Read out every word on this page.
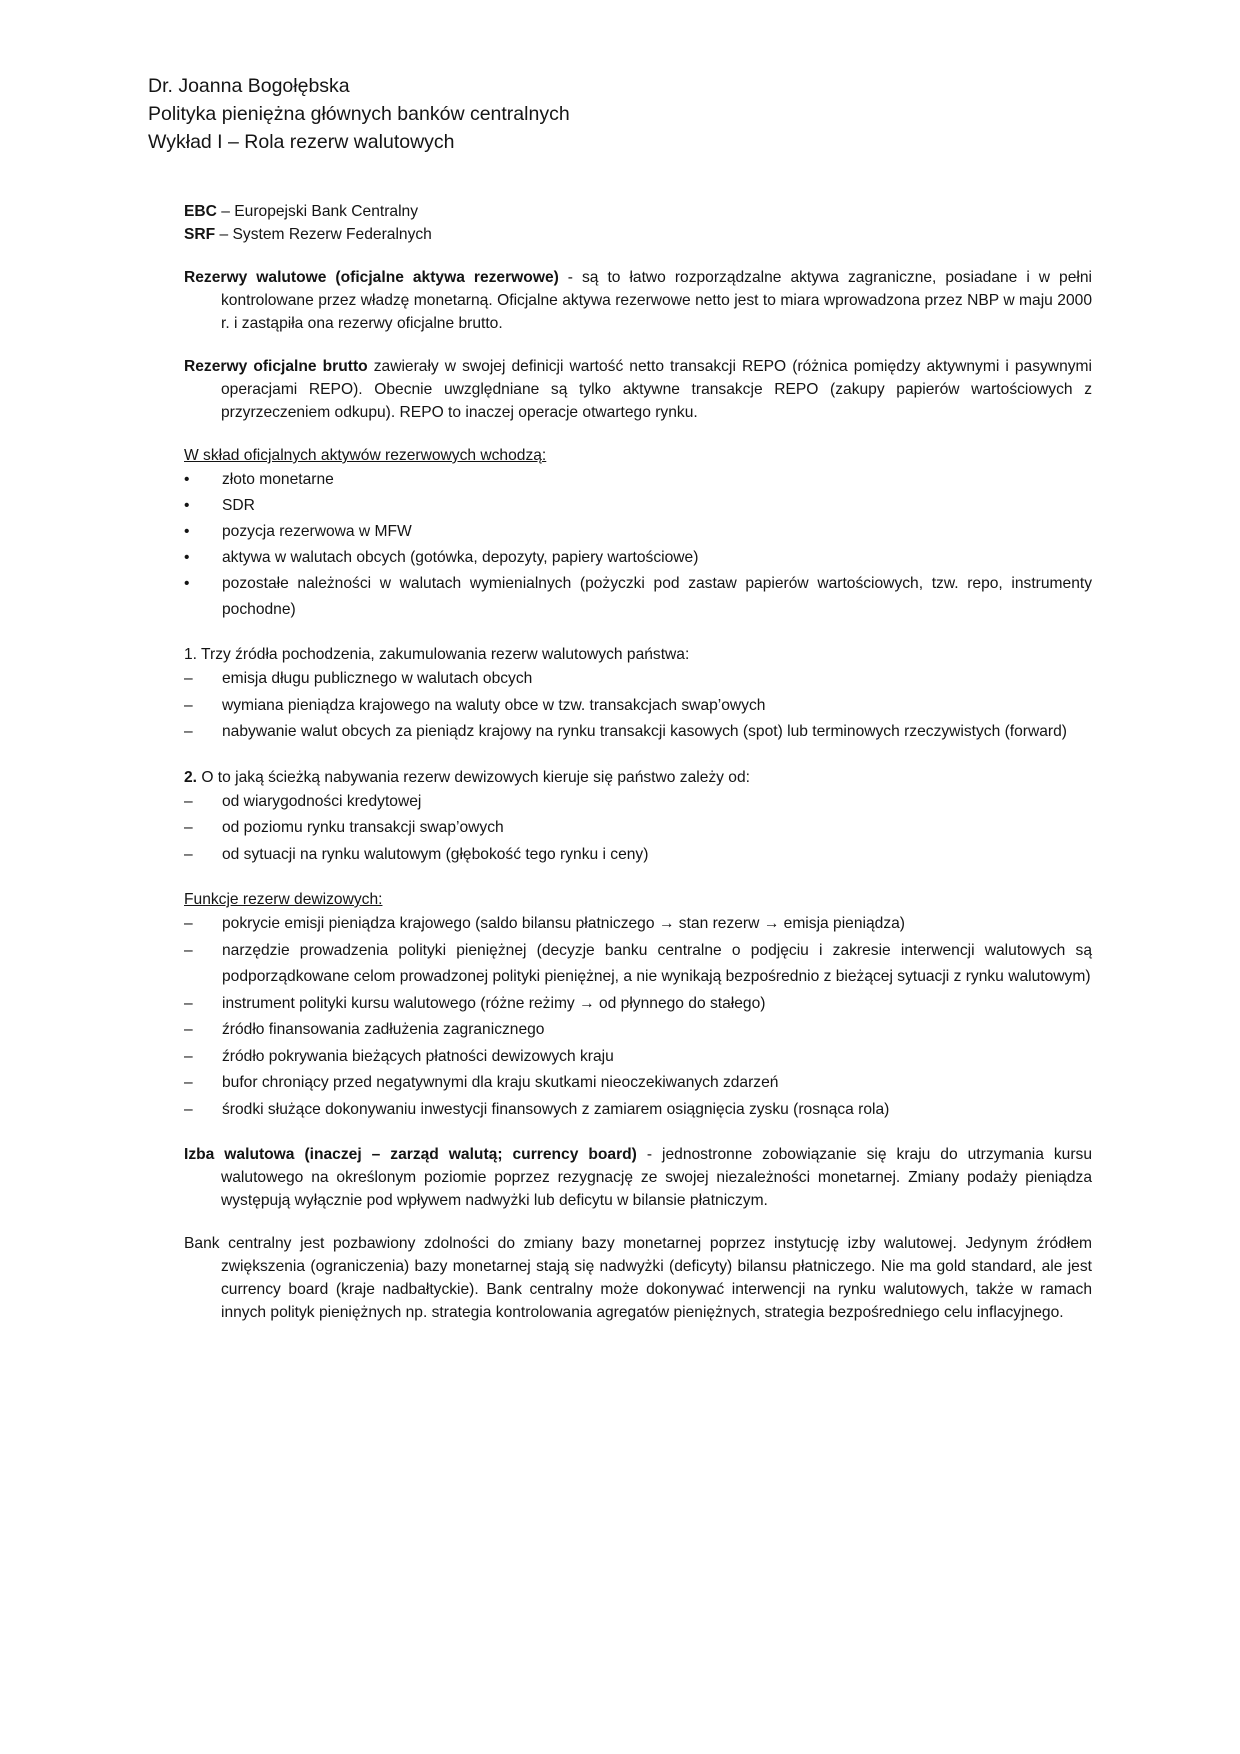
Dr. Joanna Bogołębska
Polityka pieniężna głównych banków centralnych
Wykład I – Rola rezerw walutowych
EBC – Europejski Bank Centralny
SRF – System Rezerw Federalnych
Rezerwy walutowe (oficjalne aktywa rezerwowe) - są to łatwo rozporządzalne aktywa zagraniczne, posiadane i w pełni kontrolowane przez władzę monetarną. Oficjalne aktywa rezerwowe netto jest to miara wprowadzona przez NBP w maju 2000 r. i zastąpiła ona rezerwy oficjalne brutto.
Rezerwy oficjalne brutto zawierały w swojej definicji wartość netto transakcji REPO (różnica pomiędzy aktywnymi i pasywnymi operacjami REPO). Obecnie uwzględniane są tylko aktywne transakcje REPO (zakupy papierów wartościowych z przyrzeczeniem odkupu). REPO to inaczej operacje otwartego rynku.
W skład oficjalnych aktywów rezerwowych wchodzą:
•	złoto monetarne
•	SDR
•	pozycja rezerwowa w MFW
•	aktywa w walutach obcych (gotówka, depozyty, papiery wartościowe)
•	pozostałe należności w walutach wymienialnych (pożyczki pod zastaw papierów wartościowych, tzw. repo, instrumenty pochodne)
1. Trzy źródła pochodzenia, zakumulowania rezerw walutowych państwa:
–	emisja długu publicznego w walutach obcych
–	wymiana pieniądza krajowego na waluty obce w tzw. transakcjach swap’owych
–	nabywanie walut obcych za pieniądz krajowy na rynku transakcji kasowych (spot) lub terminowych rzeczywistych (forward)
2. O to jaką ścieżką nabywania rezerw dewizowych kieruje się państwo zależy od:
–	od wiarygodności kredytowej
–	od poziomu rynku transakcji swap’owych
–	od sytuacji na rynku walutowym (głębokość tego rynku i ceny)
Funkcje rezerw dewizowych:
–	pokrycie emisji pieniądza krajowego (saldo bilansu płatniczego → stan rezerw → emisja pieniądza)
–	narzędzie prowadzenia polityki pieniężnej (decyzje banku centralne o podjęciu i zakresie interwencji walutowych są podporządkowane celom prowadzonej polityki pieniężnej, a nie wynikają bezpośrednio z bieżącej sytuacji z rynku walutowym)
–	instrument polityki kursu walutowego (różne reżimy → od płynnego do stałego)
–	źródło finansowania zadłużenia zagranicznego
–	źródło pokrywania bieżących płatności dewizowych kraju
–	bufor chroniący przed negatywnymi dla kraju skutkami nieoczekiwanych zdarzeń
–	środki służące dokonywaniu inwestycji finansowych z zamiarem osiągnięcia zysku (rosnąca rola)
Izba walutowa (inaczej – zarząd walutą; currency board) - jednostronne zobowiązanie się kraju do utrzymania kursu walutowego na określonym poziomie poprzez rezygnację ze swojej niezależności monetarnej. Zmiany podaży pieniądza występują wyłącznie pod wpływem nadwyżki lub deficytu w bilansie płatniczym.
Bank centralny jest pozbawiony zdolności do zmiany bazy monetarnej poprzez instytucję izby walutowej. Jedynym źródłem zwiększenia (ograniczenia) bazy monetarnej stają się nadwyżki (deficyty) bilansu płatniczego. Nie ma gold standard, ale jest currency board (kraje nadbałtyckie). Bank centralny może dokonywać interwencji na rynku walutowych, także w ramach innych polityk pieniężnych np. strategia kontrolowania agregatów pieniężnych, strategia bezpośredniego celu inflacyjnego.
